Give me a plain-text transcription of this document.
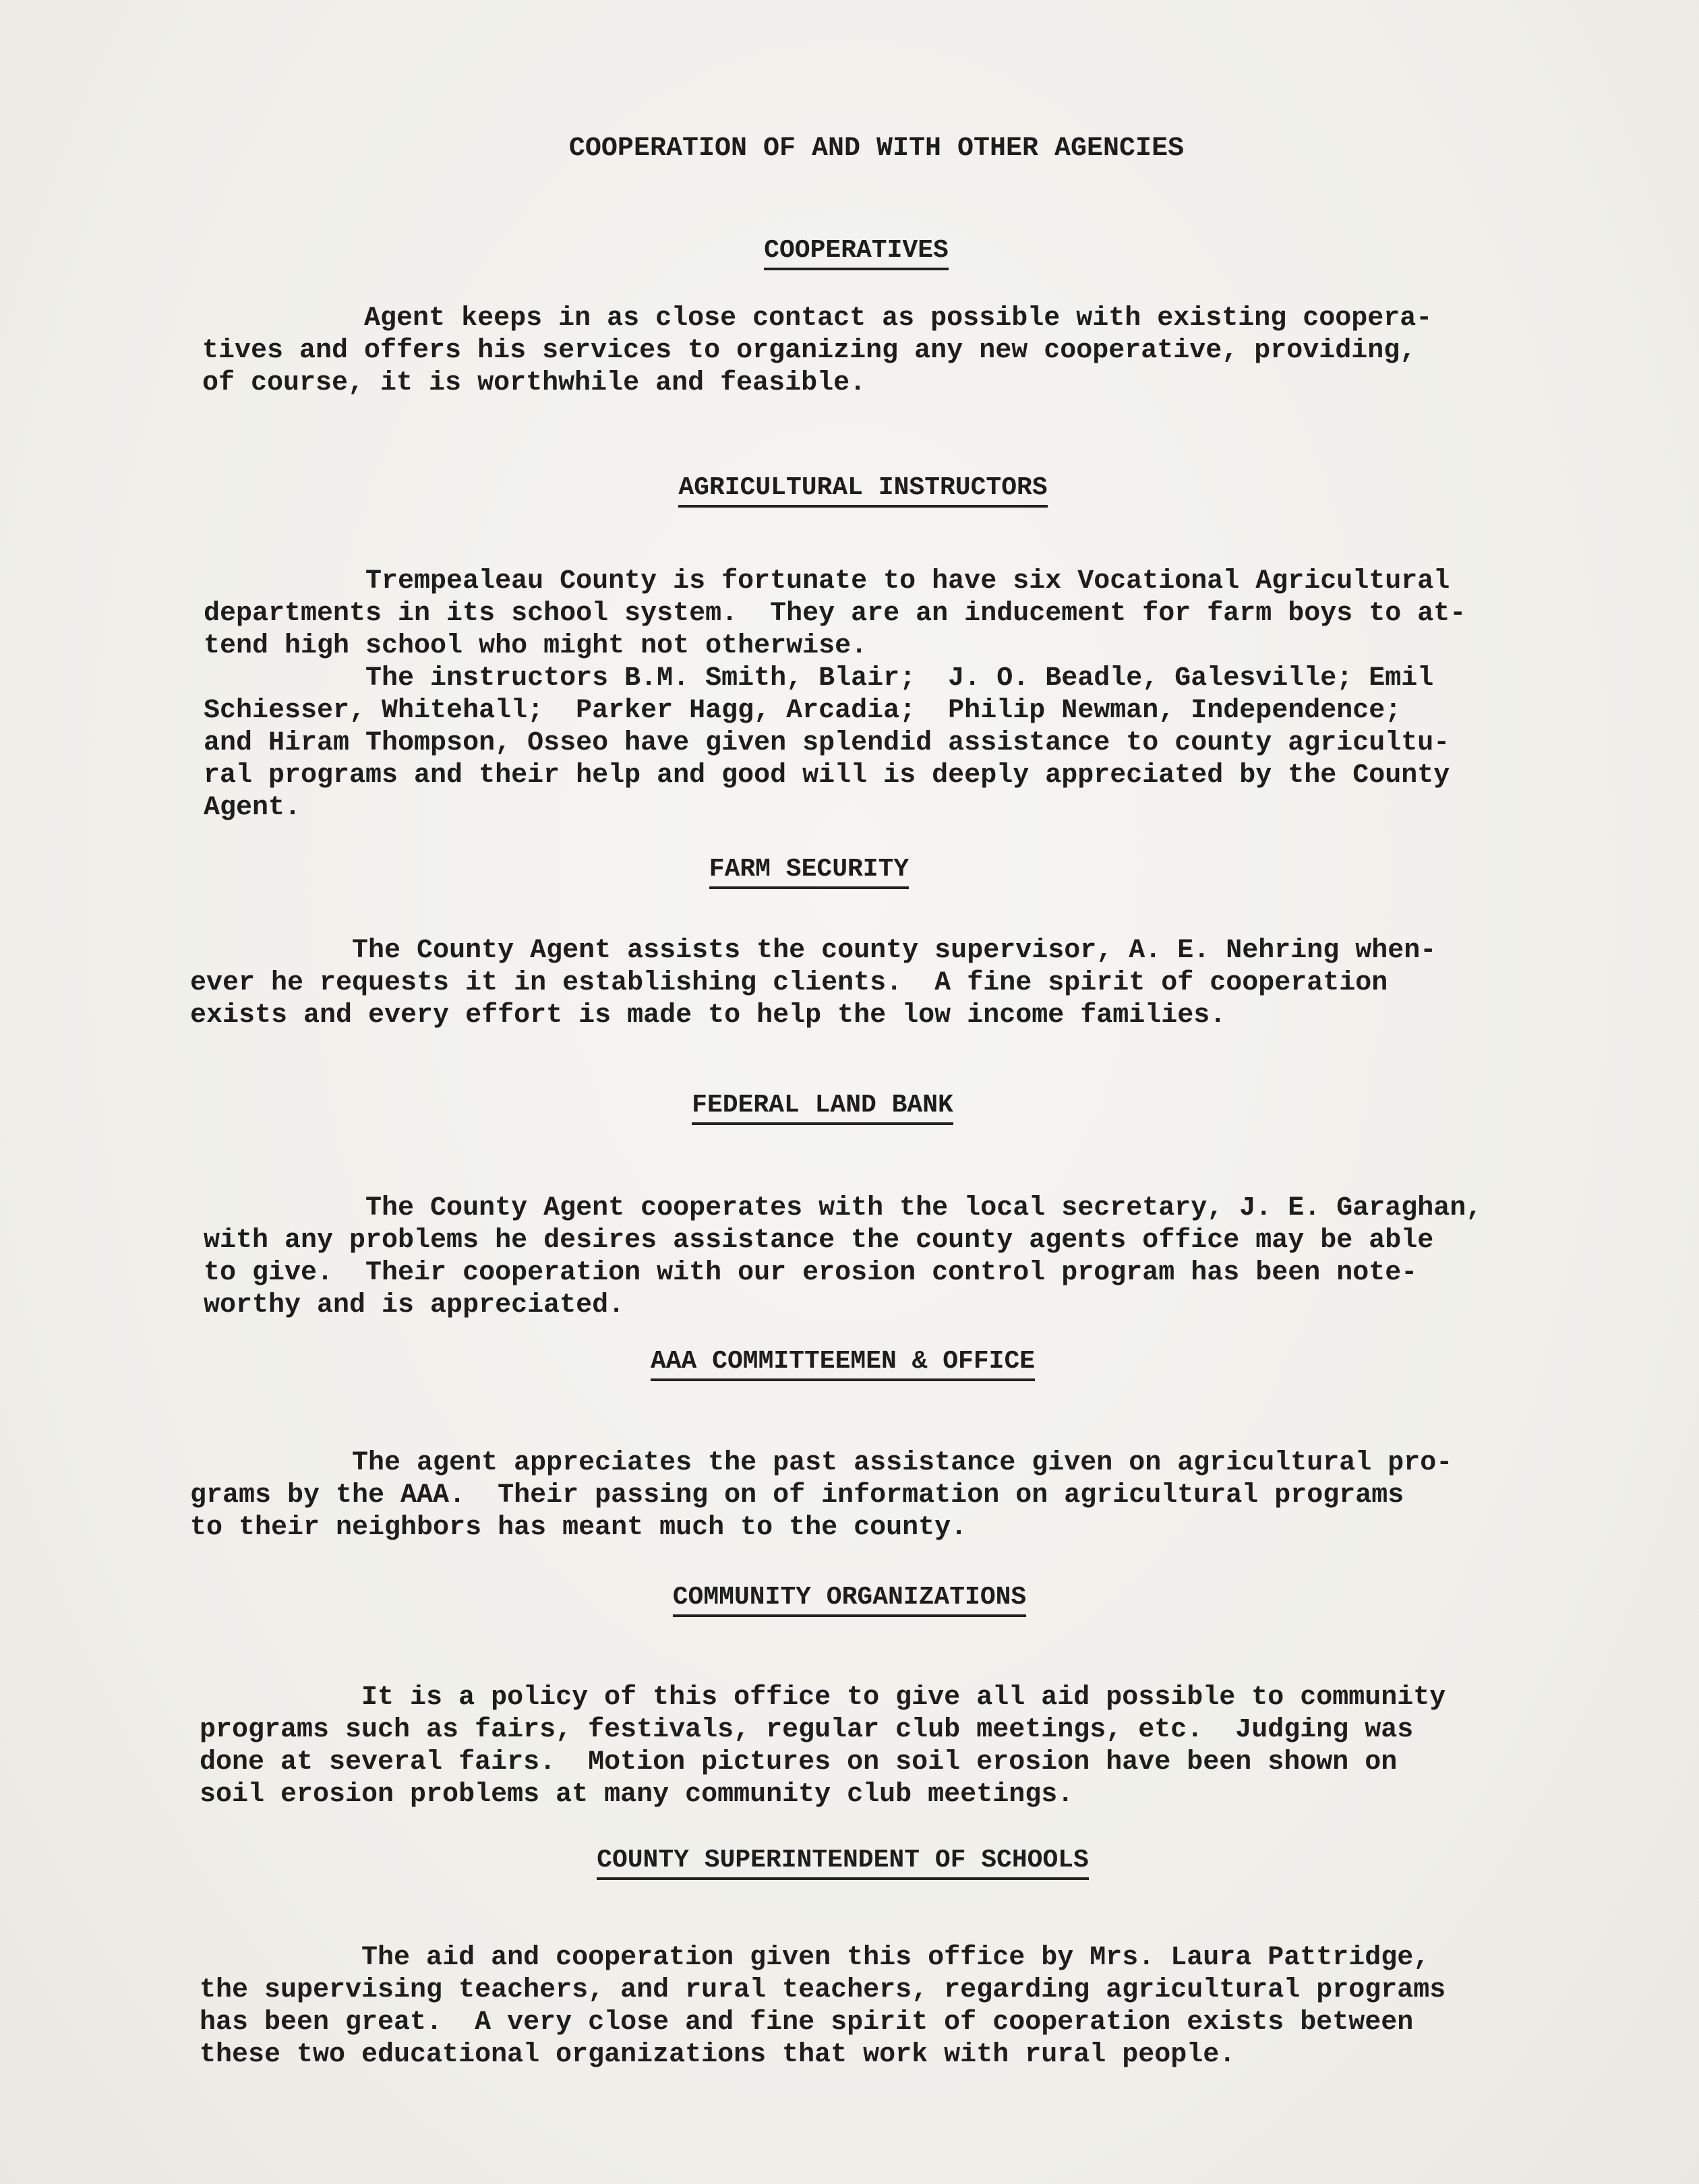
COOPERATION OF AND WITH OTHER AGENCIES
COOPERATIVES
Agent keeps in as close contact as possible with existing coopera-
tives and offers his services to organizing any new cooperative, providing,
of course, it is worthwhile and feasible.
AGRICULTURAL INSTRUCTORS
Trempealeau County is fortunate to have six Vocational Agricultural
departments in its school system.  They are an inducement for farm boys to at-
tend high school who might not otherwise.
The instructors B.M. Smith, Blair;  J. O. Beadle, Galesville; Emil
Schiesser, Whitehall;  Parker Hagg, Arcadia;  Philip Newman, Independence;
and Hiram Thompson, Osseo have given splendid assistance to county agricultu-
ral programs and their help and good will is deeply appreciated by the County
Agent.
FARM SECURITY
The County Agent assists the county supervisor, A. E. Nehring when-
ever he requests it in establishing clients.  A fine spirit of cooperation
exists and every effort is made to help the low income families.
FEDERAL LAND BANK
The County Agent cooperates with the local secretary, J. E. Garaghan,
with any problems he desires assistance the county agents office may be able
to give.  Their cooperation with our erosion control program has been note-
worthy and is appreciated.
AAA COMMITTEEMEN & OFFICE
The agent appreciates the past assistance given on agricultural pro-
grams by the AAA.  Their passing on of information on agricultural programs
to their neighbors has meant much to the county.
COMMUNITY ORGANIZATIONS
It is a policy of this office to give all aid possible to community
programs such as fairs, festivals, regular club meetings, etc.  Judging was
done at several fairs.  Motion pictures on soil erosion have been shown on
soil erosion problems at many community club meetings.
COUNTY SUPERINTENDENT OF SCHOOLS
The aid and cooperation given this office by Mrs. Laura Pattridge,
the supervising teachers, and rural teachers, regarding agricultural programs
has been great.  A very close and fine spirit of cooperation exists between
these two educational organizations that work with rural people.
